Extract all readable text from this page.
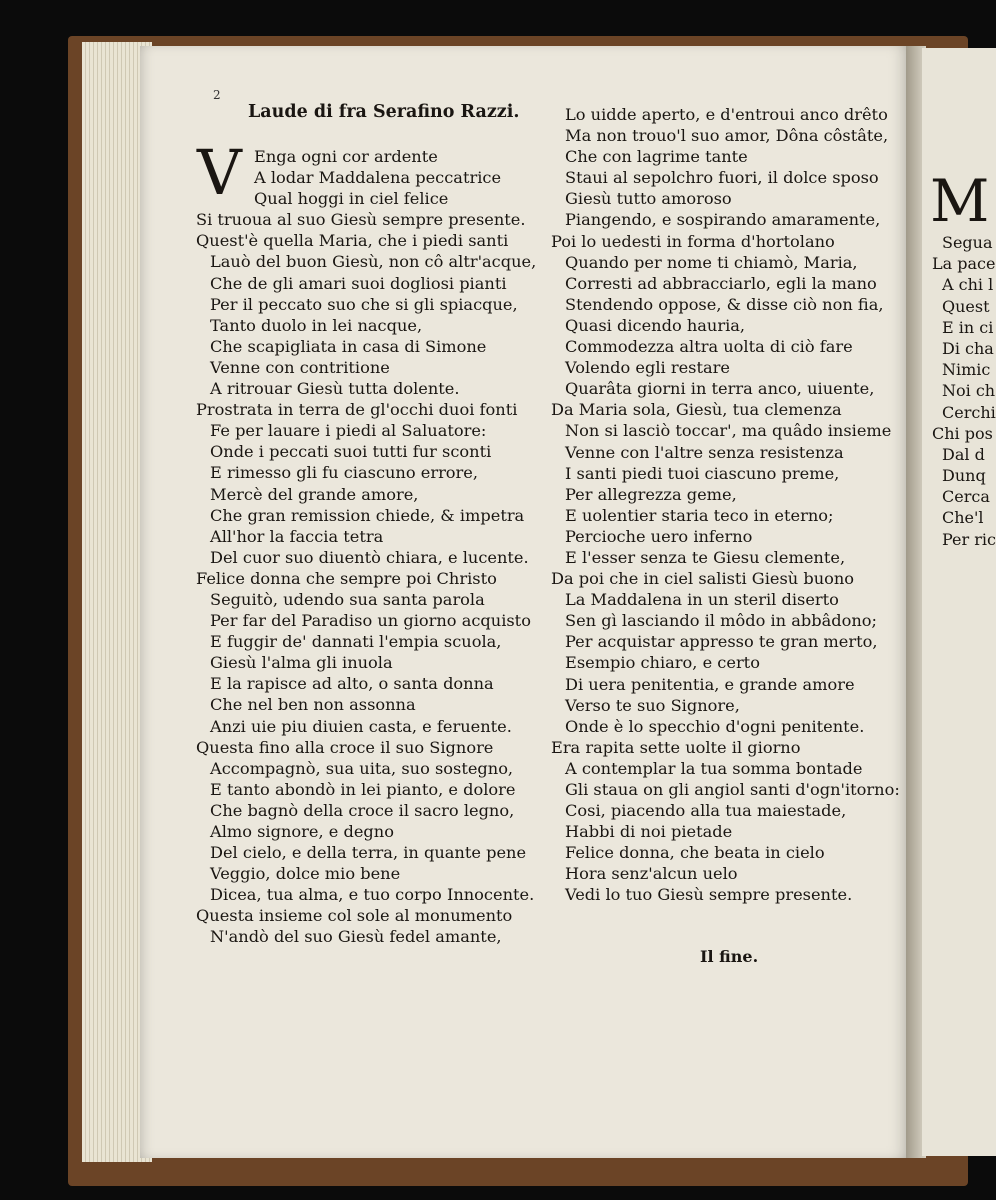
2
Laude di fra Serafino Razzi.
V Enga ogni cor ardente
A lodar Maddalena peccatrice
Qual hoggi in ciel felice
Si truoua al suo Giesù sempre presente.
Quest'è quella Maria, che i piedi santi
Lauò del buon Giesù, non cô altr'acque,
Che de gli amari suoi dogliosi pianti
Per il peccato suo che si gli spiacque,
Tanto duolo in lei nacque,
Che scapigliata in casa di Simone
Venne con contritione
A ritrouar Giesù tutta dolente.
Prostrata in terra de gl'occhi duoi fonti
Fe per lauare i piedi al Saluatore:
Onde i peccati suoi tutti fur sconti
E rimesso gli fu ciascuno errore,
Mercè del grande amore,
Che gran remission chiede, & impetra
All'hor la faccia tetra
Del cuor suo diuentò chiara, e lucente.
Felice donna che sempre poi Christo
Seguitò, udendo sua santa parola
Per far del Paradiso un giorno acquisto
E fuggir de' dannati l'empia scuola,
Giesù l'alma gli inuola
E la rapisce ad alto, o santa donna
Che nel ben non assonna
Anzi uie piu diuien casta, e feruente.
Questa fino alla croce il suo Signore
Accompagnò, sua uita, suo sostegno,
E tanto abondò in lei pianto, e dolore
Che bagnò della croce il sacro legno,
Almo signore, e degno
Del cielo, e della terra, in quante pene
Veggio, dolce mio bene
Dicea, tua alma, e tuo corpo Innocente.
Questa insieme col sole al monumento
N'andò del suo Giesù fedel amante,
Lo uidde aperto, e d'entroui anco drêto
Ma non trouo'l suo amor, Dôna côstâte,
Che con lagrime tante
Staui al sepolchro fuori, il dolce sposo
Giesù tutto amoroso
Piangendo, e sospirando amaramente,
Poi lo uedesti in forma d'hortolano
Quando per nome ti chiamò, Maria,
Corresti ad abbracciarlo, egli la mano
Stendendo oppose, & disse ciò non fia,
Quasi dicendo hauria,
Commodezza altra uolta di ciò fare
Volendo egli restare
Quarâta giorni in terra anco, uiuente,
Da Maria sola, Giesù, tua clemenza
Non si lasciò toccar', ma quâdo insieme
Venne con l'altre senza resistenza
I santi piedi tuoi ciascuno preme,
Per allegrezza geme,
E uolentier staria teco in eterno;
Percioche uero inferno
E l'esser senza te Giesu clemente,
Da poi che in ciel salisti Giesù buono
La Maddalena in un steril diserto
Sen gì lasciando il môdo in abbâdono;
Per acquistar appresso te gran merto,
Esempio chiaro, e certo
Di uera penitentia, e grande amore
Verso te suo Signore,
Onde è lo specchio d'ogni penitente.
Era rapita sette uolte il giorno
A contemplar la tua somma bontade
Gli staua on gli angiol santi d'ogn'itorno:
Cosi, piacendo alla tua maiestade,
Habbi di noi pietade
Felice donna, che beata in cielo
Hora senz'alcun uelo
Vedi lo tuo Giesù sempre presente.
Il fine.
M
Segua
La pace
A chi l
Quest
E in ci
Di cha
Nimic
Noi ch
Cerchi
Chi pos
Dal d
Dunq
Cerca
Che'l
Per ric
